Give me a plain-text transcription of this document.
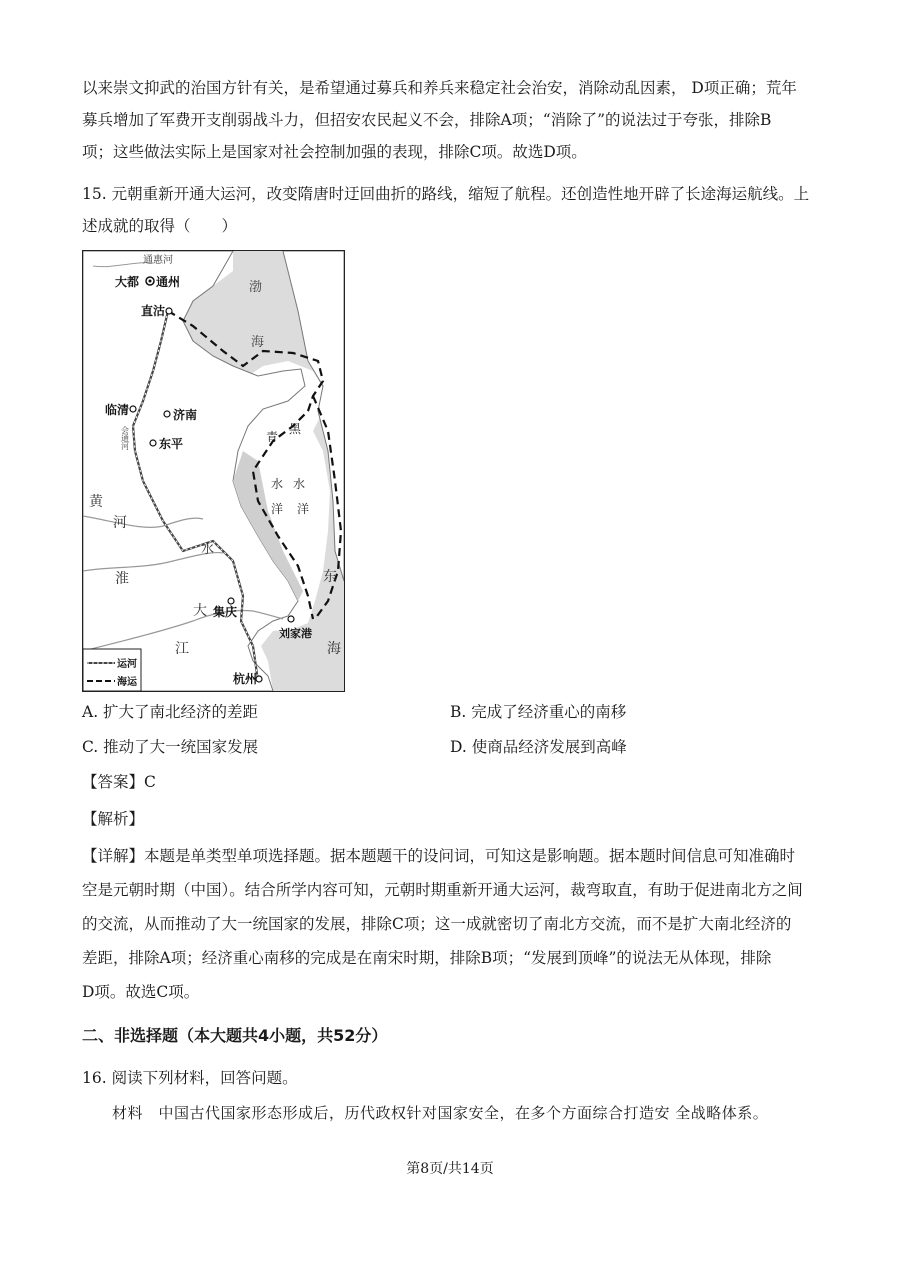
以来崇文抑武的治国方针有关，是希望通过募兵和养兵来稳定社会治安，消除动乱因素， D项正确；荒年

募兵增加了军费开支削弱战斗力，但招安农民起义不会，排除A项；“消除了”的说法过于夸张，排除B

项；这些做法实际上是国家对社会控制加强的表现，排除C项。故选D项。

15. 元朝重新开通大运河，改变隋唐时迂回曲折的路线，缩短了航程。还创造性地开辟了长途海运航线。上

述成就的取得（　　）

通惠河
大都 通州
直沽
渤
海
临清	济南
东平
会通河
黄
河
水
淮
大
江
集庆
刘家港
杭州
青
黑
水 水
洋 洋
东
海
运河
海运
A. 扩大了南北经济的差距	B. 完成了经济重心的南移
C. 推动了大一统国家发展	D. 使商品经济发展到高峰

【答案】C

【解析】

【详解】本题是单类型单项选择题。据本题题干的设问词，可知这是影响题。据本题时间信息可知准确时

空是元朝时期（中国）。结合所学内容可知，元朝时期重新开通大运河，裁弯取直，有助于促进南北方之间

的交流，从而推动了大一统国家的发展，排除C项；这一成就密切了南北方交流，而不是扩大南北经济的

差距，排除A项；经济重心南移的完成是在南宋时期，排除B项；“发展到顶峰”的说法无从体现，排除

D项。故选C项。

二、非选择题（本大题共4小题，共52分）

16. 阅读下列材料，回答问题。

材料　中国古代国家形态形成后，历代政权针对国家安全，在多个方面综合打造安 全战略体系。
第8页/共14页
